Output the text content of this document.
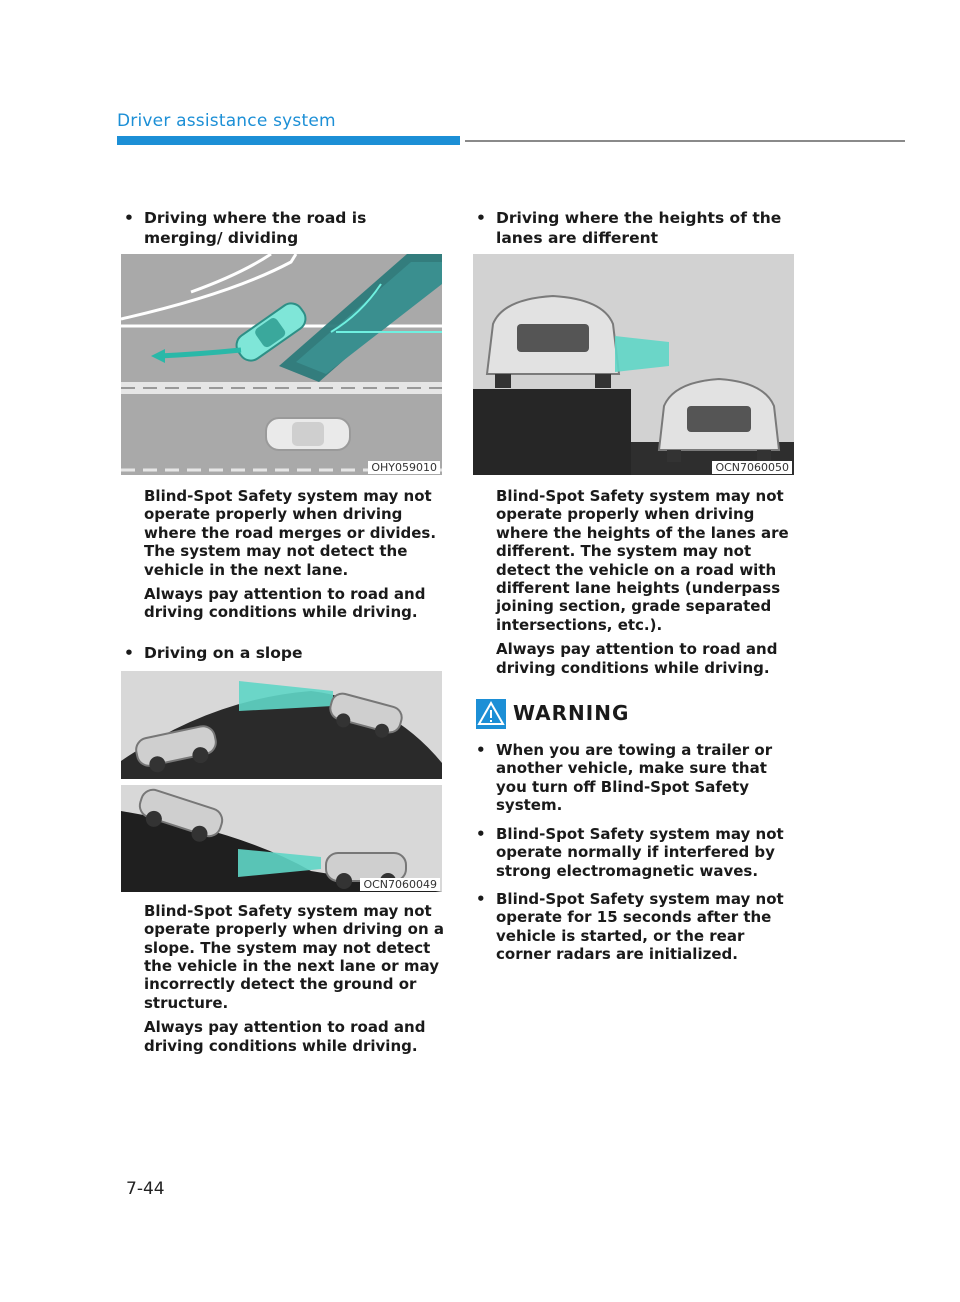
Driver assistance system

• Driving where the road is merging/ dividing

OHY059010

Blind-Spot Safety system may not operate properly when driving where the road merges or divides. The system may not detect the vehicle in the next lane.

Always pay attention to road and driving conditions while driving.

• Driving on a slope

OCN7060049

Blind-Spot Safety system may not operate properly when driving on a slope. The system may not detect the vehicle in the next lane or may incorrectly detect the ground or structure.

Always pay attention to road and driving conditions while driving.

• Driving where the heights of the lanes are different

OCN7060050

Blind-Spot Safety system may not operate properly when driving where the heights of the lanes are different. The system may not detect the vehicle on a road with different lane heights (underpass joining section, grade separated intersections, etc.).

Always pay attention to road and driving conditions while driving.

WARNING

• When you are towing a trailer or another vehicle, make sure that you turn off Blind-Spot Safety system.

• Blind-Spot Safety system may not operate normally if interfered by strong electromagnetic waves.

• Blind-Spot Safety system may not operate for 15 seconds after the vehicle is started, or the rear corner radars are initialized.

7-44
